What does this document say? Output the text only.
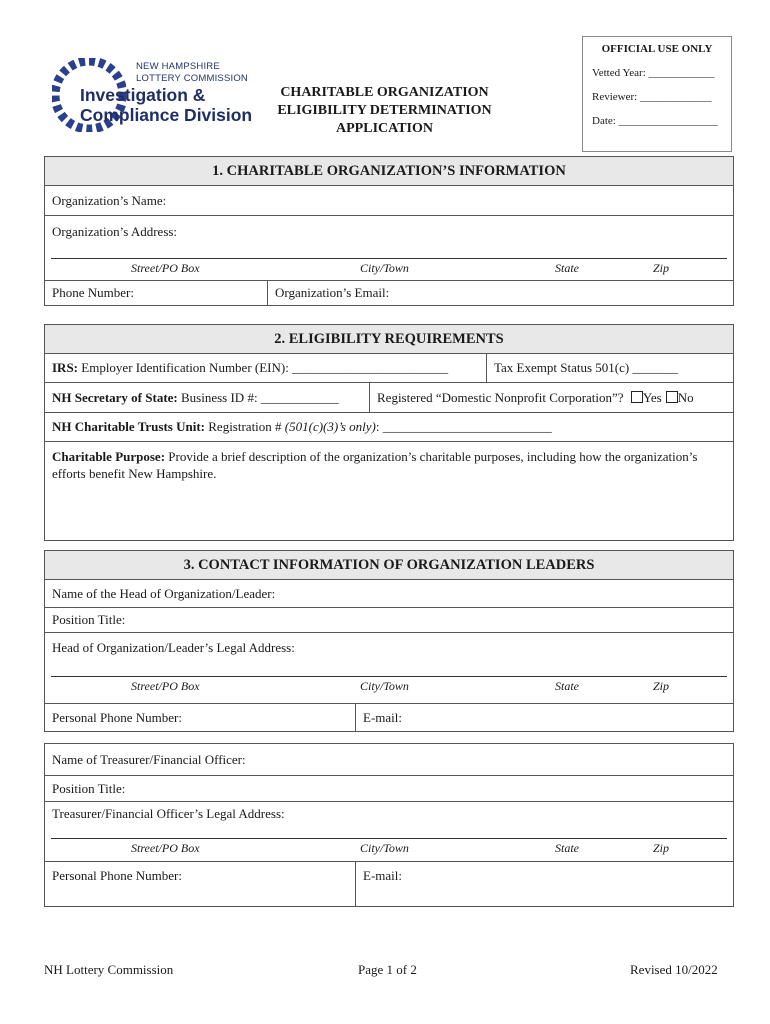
NEW HAMPSHIRE
LOTTERY COMMISSION
Investigation &
Compliance Division
CHARITABLE ORGANIZATION
ELIGIBILITY DETERMINATION
APPLICATION
OFFICIAL USE ONLY
Vetted Year: ____________
Reviewer: _____________
Date: __________________
1. CHARITABLE ORGANIZATION’S INFORMATION
Organization’s Name:
Organization’s Address:
Street/PO Box	City/Town	State	Zip
Phone Number:	Organization’s Email:
2. ELIGIBILITY REQUIREMENTS
IRS: Employer Identification Number (EIN): ________________________	Tax Exempt Status 501(c) _______
NH Secretary of State: Business ID #: ____________	Registered “Domestic Nonprofit Corporation”? Yes No
NH Charitable Trusts Unit: Registration # (501(c)(3)’s only): __________________________
Charitable Purpose: Provide a brief description of the organization’s charitable purposes, including how the organization’s efforts benefit New Hampshire.
3. CONTACT INFORMATION OF ORGANIZATION LEADERS
Name of the Head of Organization/Leader:
Position Title:
Head of Organization/Leader’s Legal Address:
Street/PO Box	City/Town	State	Zip
Personal Phone Number:	E-mail:
Name of Treasurer/Financial Officer:
Position Title:
Treasurer/Financial Officer’s Legal Address:
Street/PO Box	City/Town	State	Zip
Personal Phone Number:	E-mail:
NH Lottery Commission	Page 1 of 2	Revised 10/2022
